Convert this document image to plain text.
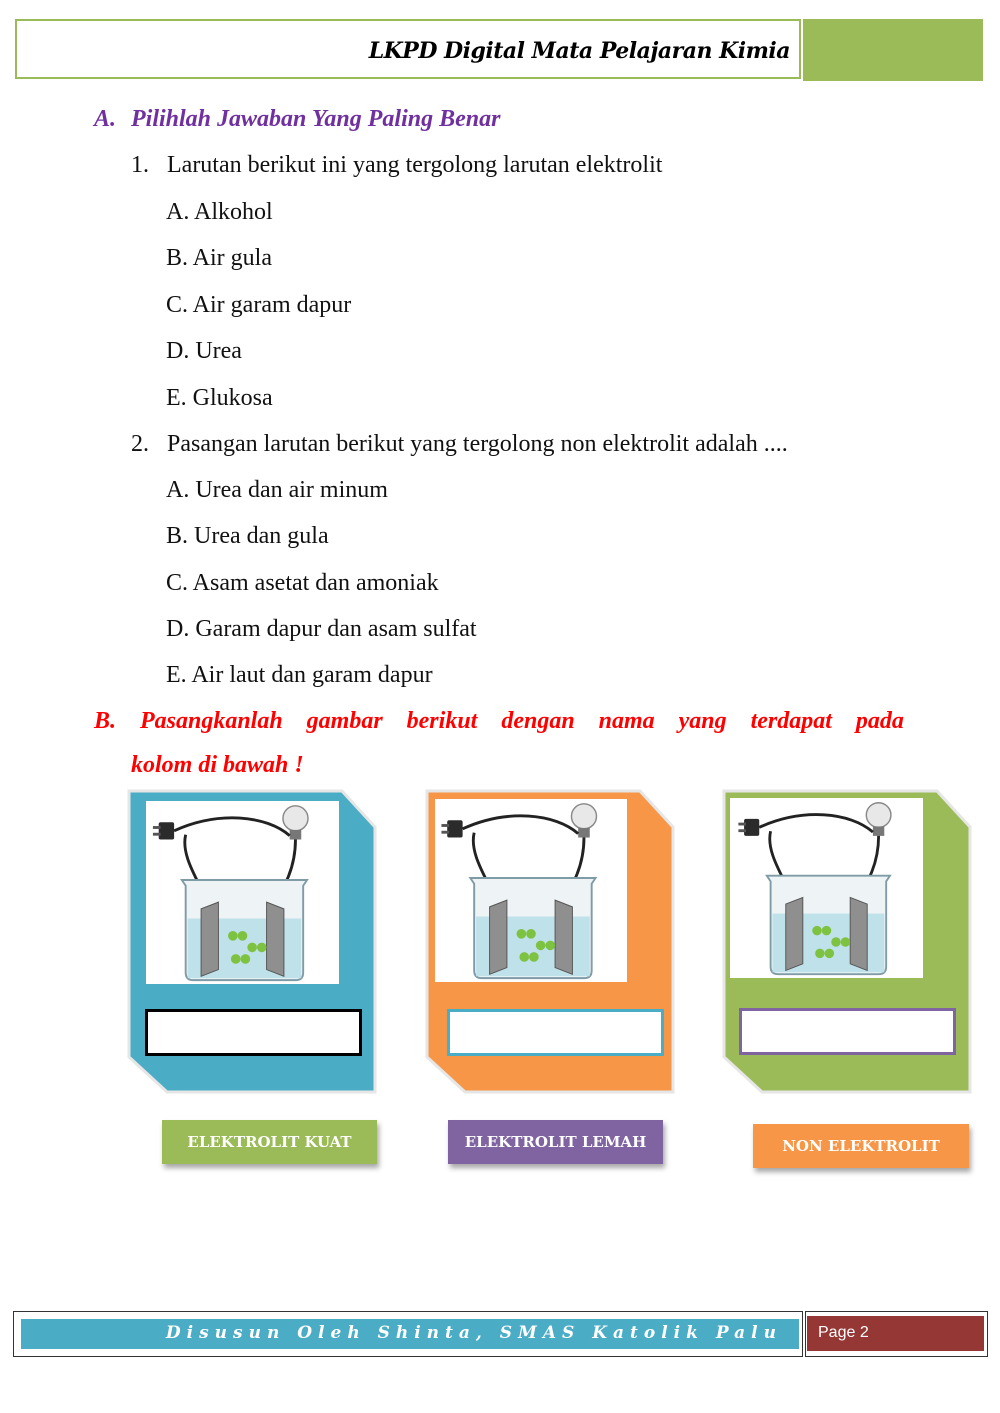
LKPD Digital Mata Pelajaran Kimia
A. Pilihlah Jawaban Yang Paling Benar
1. Larutan berikut ini yang tergolong larutan elektrolit
A. Alkohol
B. Air gula
C. Air garam dapur
D. Urea
E. Glukosa
2. Pasangan larutan berikut yang tergolong non elektrolit adalah ....
A. Urea dan air minum
B. Urea dan gula
C. Asam asetat dan amoniak
D. Garam dapur dan asam sulfat
E. Air laut dan garam dapur
B. Pasangkanlah gambar berikut dengan nama yang terdapat pada
kolom di bawah !
ELEKTROLIT KUAT	ELEKTROLIT LEMAH	NON ELEKTROLIT
Disusun Oleh Shinta, SMAS Katolik Palu Page 2
